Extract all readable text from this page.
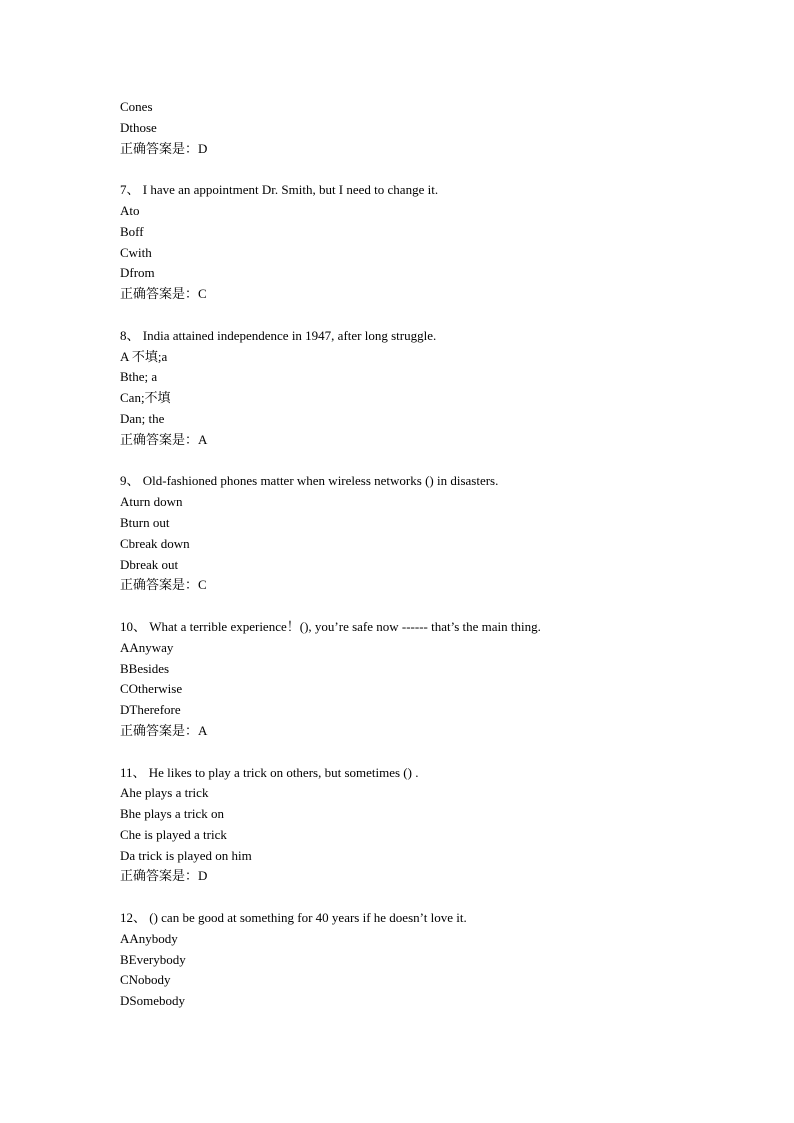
Cones
Dthose
正确答案是：D
7、 I have an appointment Dr. Smith, but I need to change it.
Ato
Boff
Cwith
Dfrom
正确答案是：C
8、 India attained independence in 1947, after long struggle.
A 不填;a
Bthe; a
Can;不填
Dan; the
正确答案是：A
9、 Old-fashioned phones matter when wireless networks () in disasters.
Aturn down
Bturn out
Cbreak down
Dbreak out
正确答案是：C
10、 What a terrible experience！(), you’re safe now ------ that’s the main thing.
AAnyway
BBesides
COtherwise
DTherefore
正确答案是：A
11、 He likes to play a trick on others, but sometimes () .
Ahe plays a trick
Bhe plays a trick on
Che is played a trick
Da trick is played on him
正确答案是：D
12、 () can be good at something for 40 years if he doesn’t love it.
AAnybody
BEverybody
CNobody
DSomebody
